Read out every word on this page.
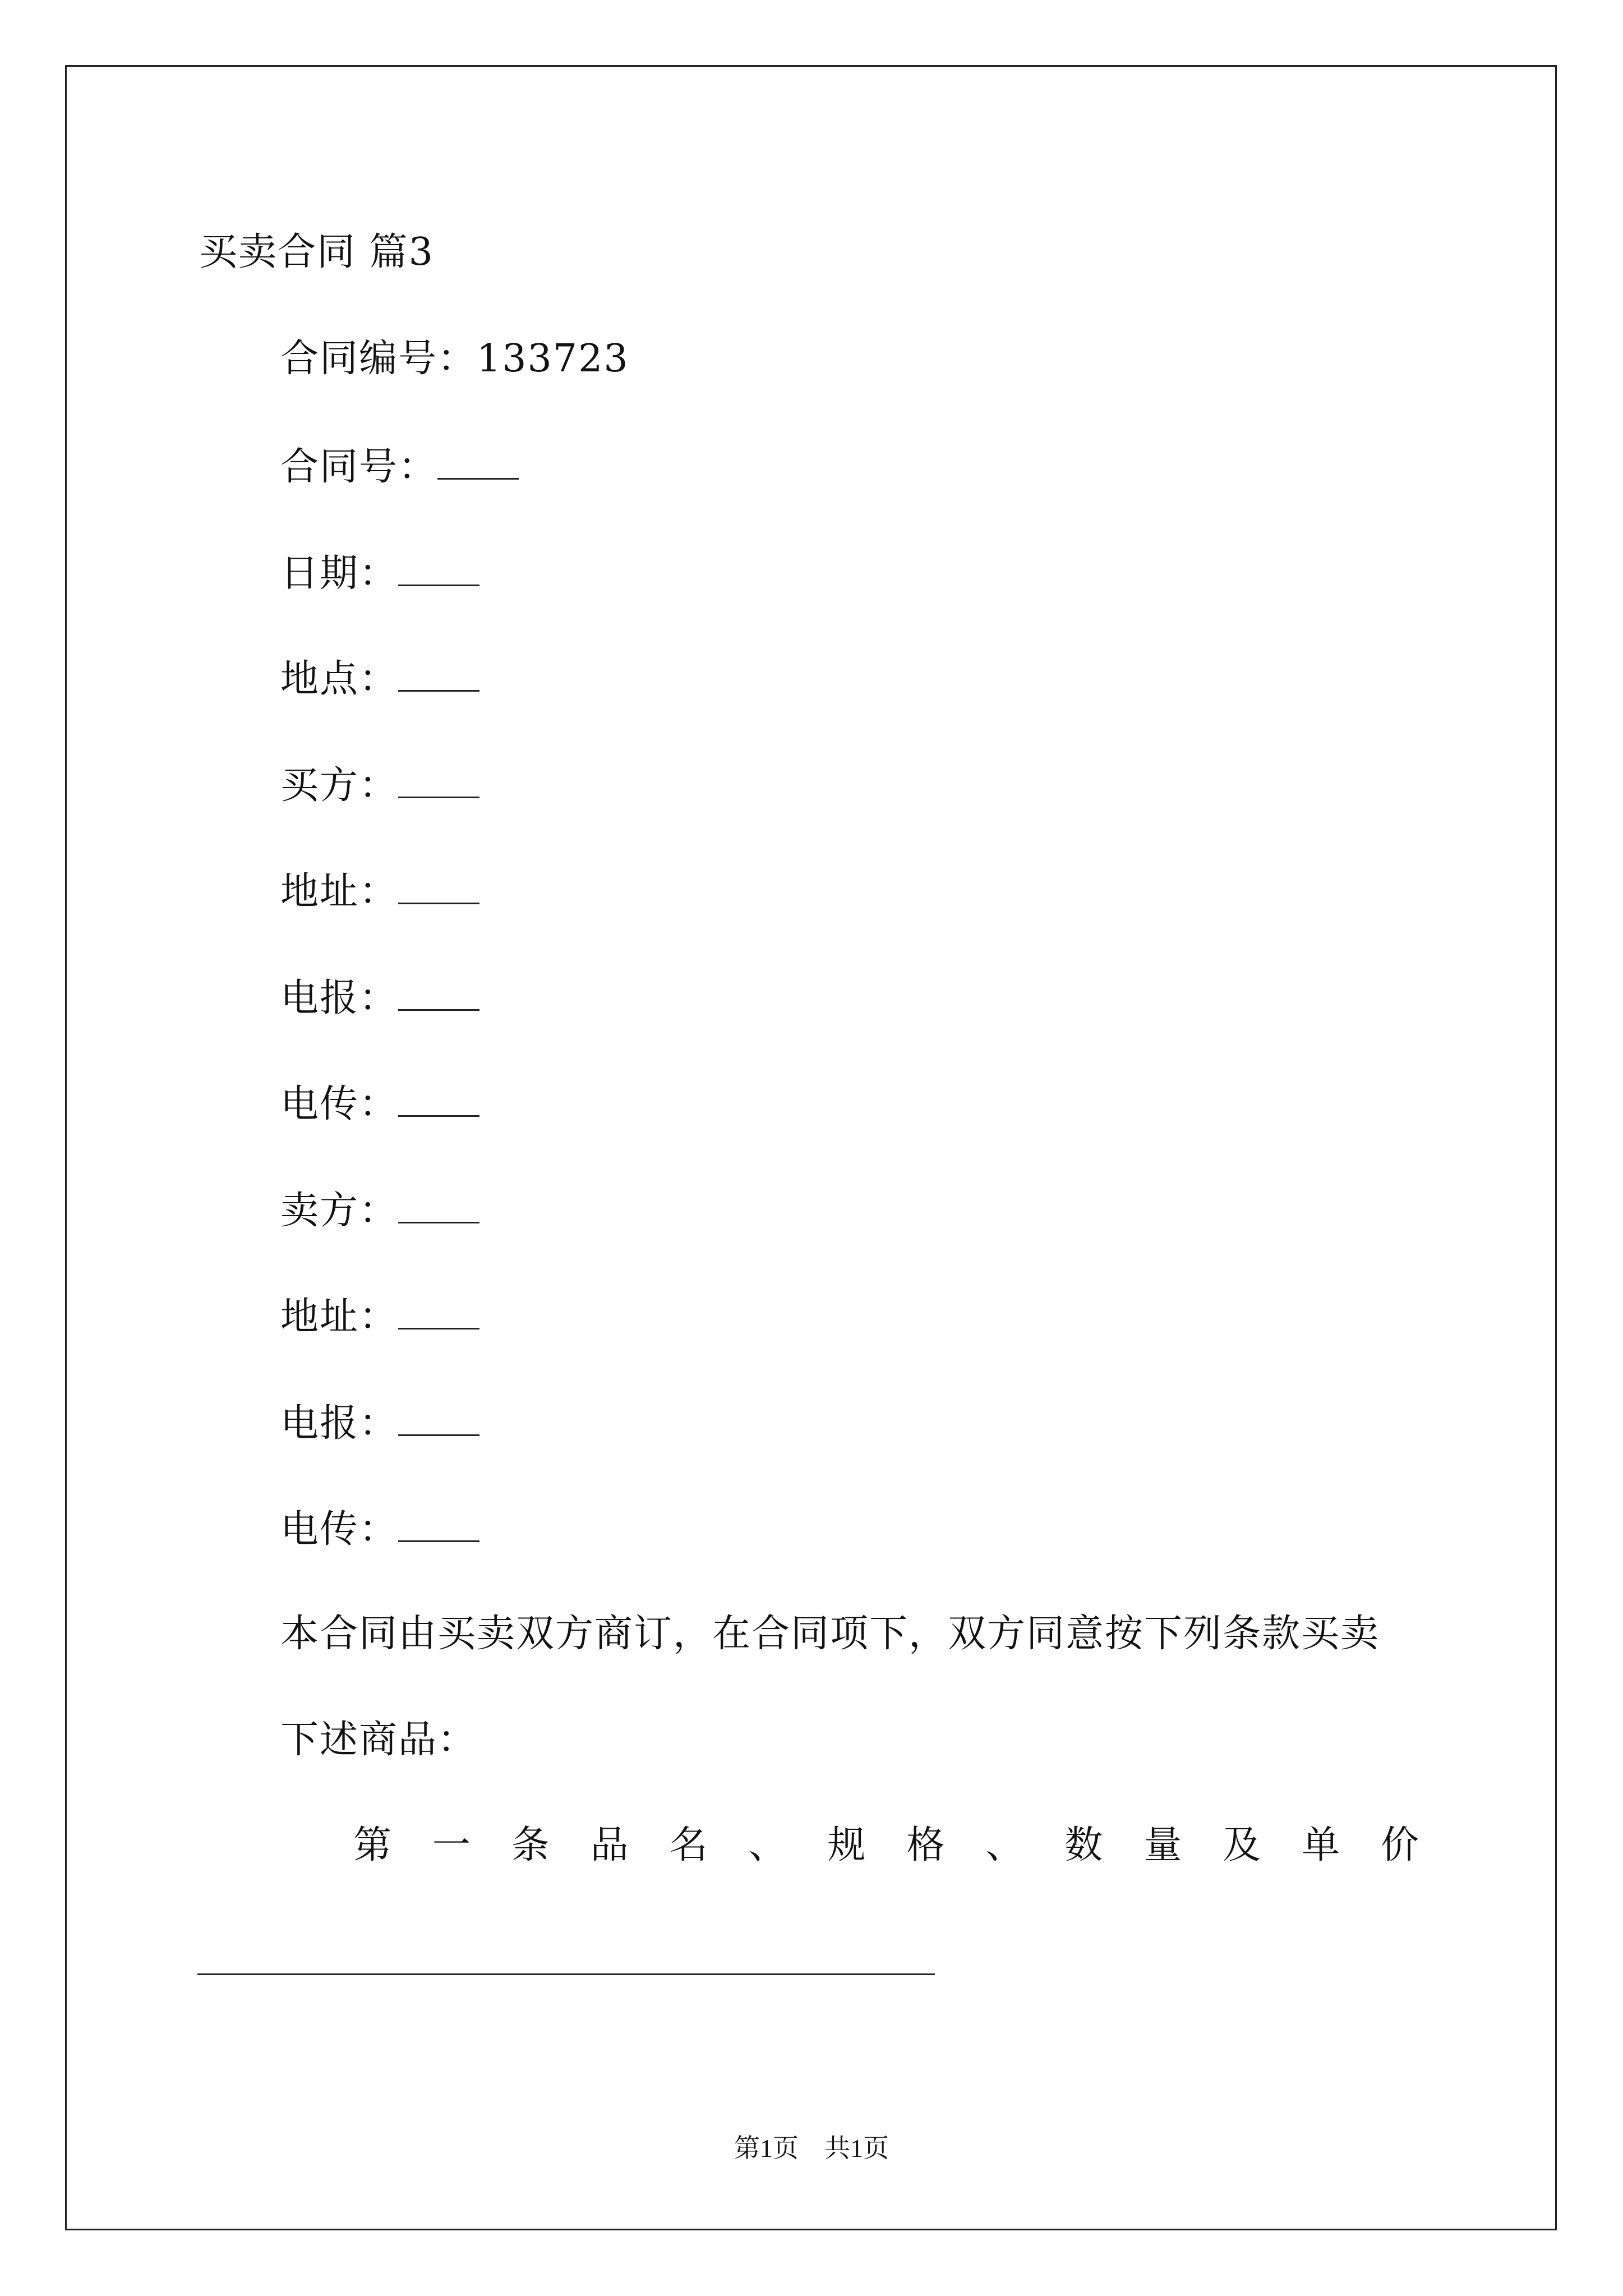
买卖合同 篇3
合同编号：133723
合同号：
日期：
地点：
买方：
地址：
电报：
电传：
卖方：
地址：
电报：
电传：
本合同由买卖双方商订，在合同项下，双方同意按下列条款买卖
下述商品：
第 一 条 品 名 、 规 格 、 数 量 及 单 价
第1页　共1页
